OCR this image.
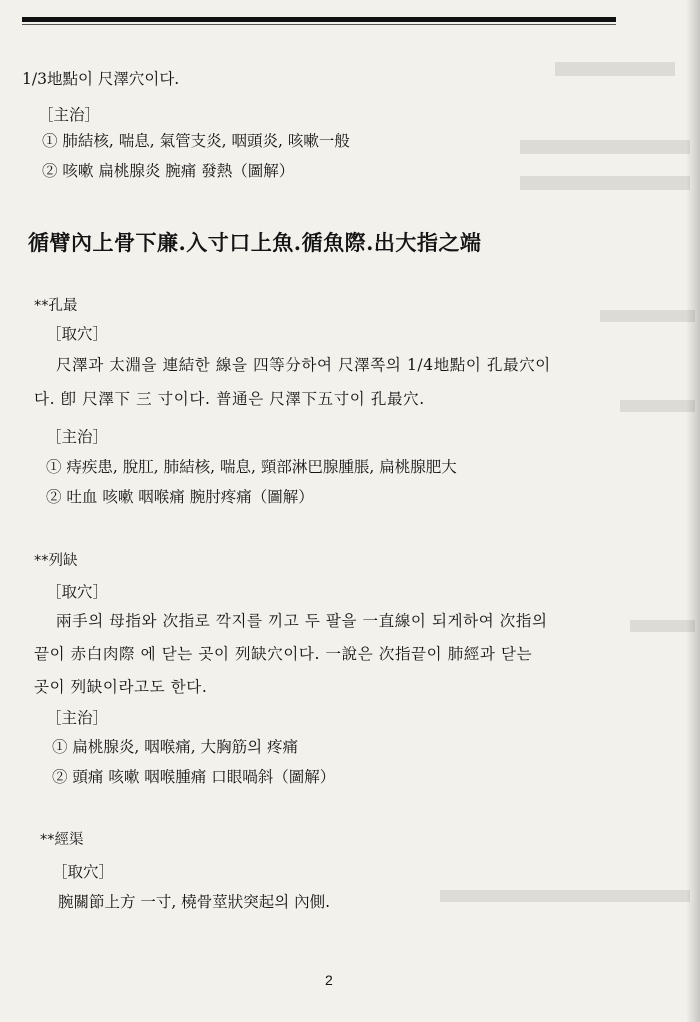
1/3地點이 尺澤穴이다.
［主治］
① 肺結核, 喘息, 氣管支炎, 咽頭炎, 咳嗽一般
② 咳嗽 扁桃腺炎 腕痛 發熱（圖解）
循臂內上骨下廉.入寸口上魚.循魚際.出大指之端
**孔最
［取穴］
尺澤과 太淵을 連結한 線을 四等分하여 尺澤쪽의 1/4地點이 孔最穴이
다. 卽 尺澤下 三 寸이다. 普通은 尺澤下五寸이 孔最穴.
［主治］
① 痔疾患, 脫肛, 肺結核, 喘息, 頸部淋巴腺腫脹, 扁桃腺肥大
② 吐血 咳嗽 咽喉痛 腕肘疼痛（圖解）
**列缺
［取穴］
兩手의 母指와 次指로 깍지를 끼고 두 팔을 一直線이 되게하여 次指의
끝이 赤白肉際 에 닫는 곳이 列缺穴이다. 一說은 次指끝이 肺經과 닫는
곳이 列缺이라고도 한다.
［主治］
① 扁桃腺炎, 咽喉痛, 大胸筋의 疼痛
② 頭痛 咳嗽 咽喉腫痛 口眼喎斜（圖解）
**經渠
［取穴］
腕關節上方 一寸, 橈骨莖狀突起의 內側.
2
